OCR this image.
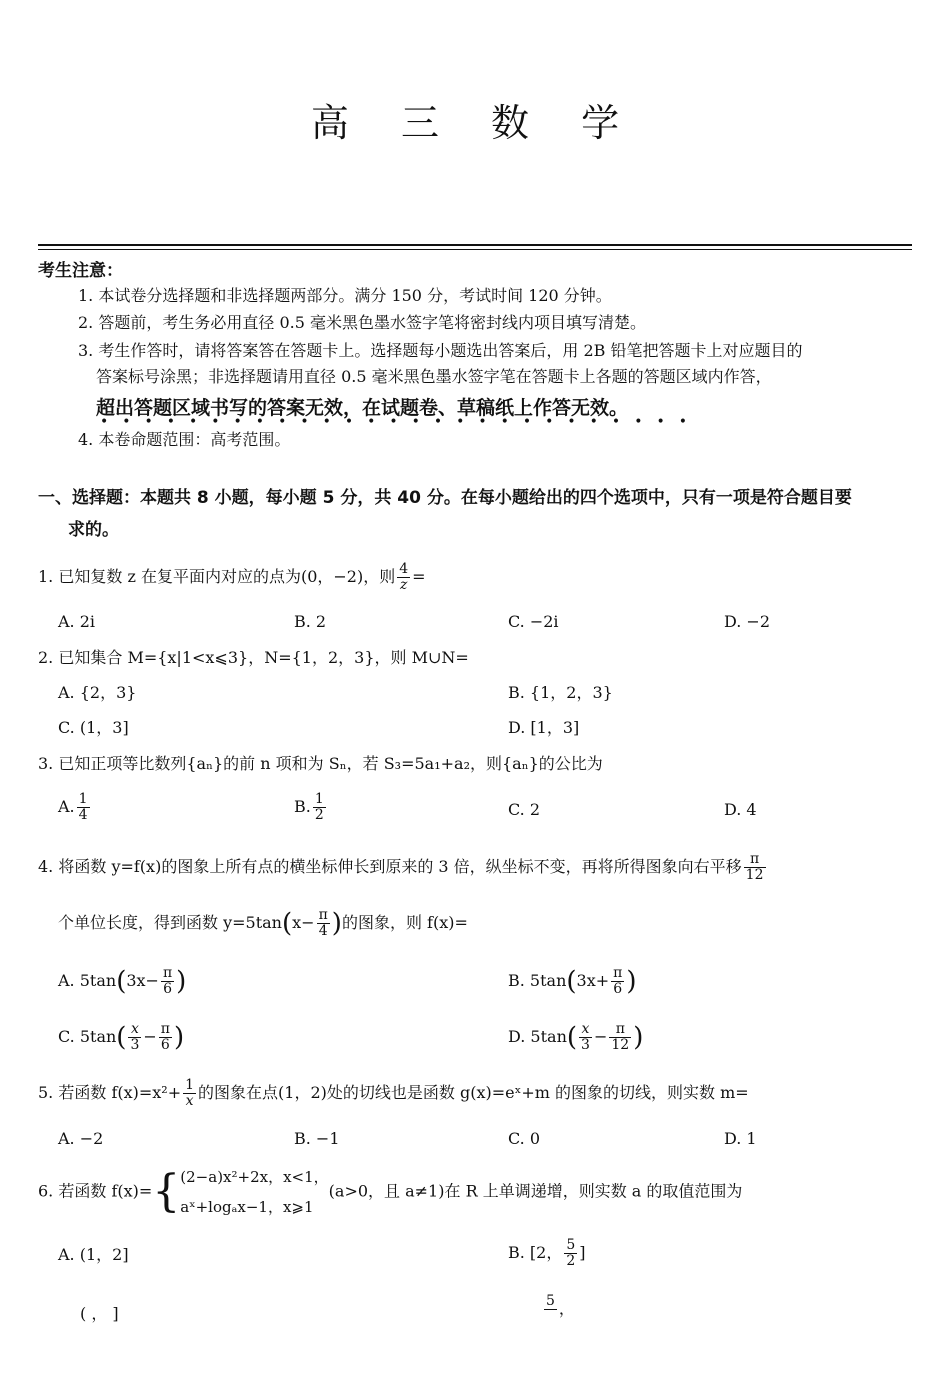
高 三 数 学
考生注意：
1. 本试卷分选择题和非选择题两部分。满分 150 分，考试时间 120 分钟。
2. 答题前，考生务必用直径 0.5 毫米黑色墨水签字笔将密封线内项目填写清楚。
3. 考生作答时，请将答案答在答题卡上。选择题每小题选出答案后，用 2B 铅笔把答题卡上对应题目的
答案标号涂黑；非选择题请用直径 0.5 毫米黑色墨水签字笔在答题卡上各题的答题区域内作答，
超出答题区域书写的答案无效，在试题卷、草稿纸上作答无效。
•••••••••••••••••••••••••••
4. 本卷命题范围：高考范围。
一、选择题：本题共 8 小题，每小题 5 分，共 40 分。在每小题给出的四个选项中，只有一项是符合题目要
求的。
1. 已知复数 z 在复平面内对应的点为(0，−2)，则 $\frac{4}{z}$ =
A. 2i	B. 2	C. −2i	D. −2
2. 已知集合 M={x|1<x⩽3}，N={1，2，3}，则 M∪N=
A. {2，3}	B. {1，2，3}
C. (1，3]	D. [1，3]
3. 已知正项等比数列{aₙ}的前 n 项和为 Sₙ，若 S₃=5a₁+a₂，则{aₙ}的公比为
A. $\frac{1}{4}$	B. $\frac{1}{2}$	C. 2	D. 4
4. 将函数 y=f(x)的图象上所有点的横坐标伸长到原来的 3 倍，纵坐标不变，再将所得图象向右平移 $\frac{\pi}{12}$
个单位长度，得到函数 $y=5\tan(x- \frac{\pi}{4}$ )的图象，则 f(x)=
A. $5\tan(3x- \frac{\pi}{6}$ )	B. $5\tan(3x+ \frac{\pi}{6}$ )
C. $5\tan( \frac{x}{3} - \frac{\pi}{6}$ )	D. $5\tan( \frac{x}{3} - \frac{\pi}{12}$ )
5. 若函数 $f(x)=x^2+ \frac{1}{x}$ 的图象在点(1，2)处的切线也是函数 g(x)=eˣ+m 的图象的切线，则实数 m=
A. −2	B. −1	C. 0	D. 1
6. 若函数 f(x)={ (2−a)x²+2x，x<1，
aˣ+logₐx−1，x⩾1
(a>0，且 a≠1)在 R 上单调递增，则实数 a 的取值范围为
A. (1，2]	B. [2， $\frac{5}{2}$ ]
( ， ]
5
，
